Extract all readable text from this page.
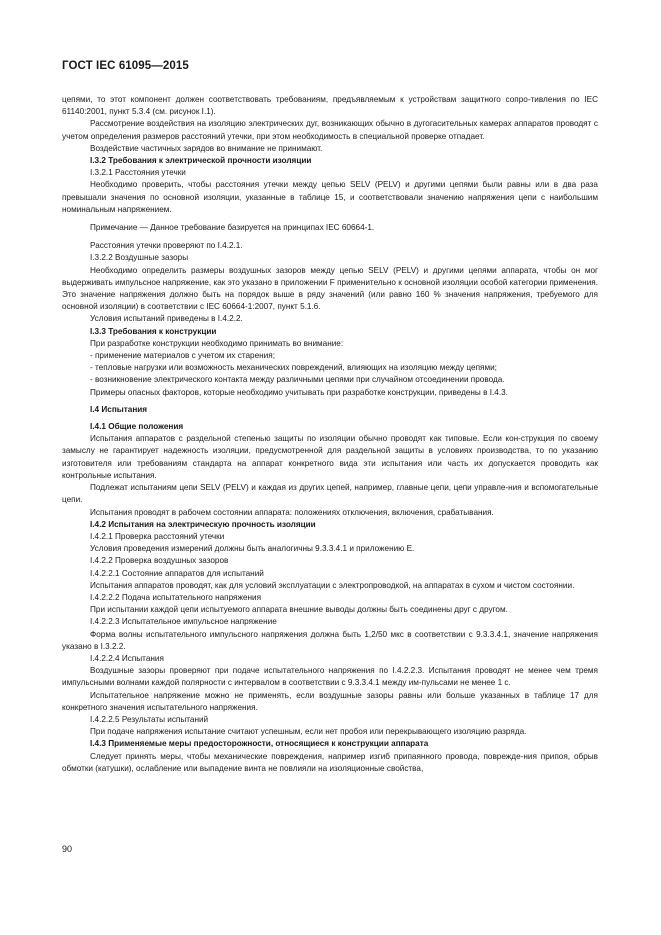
ГОСТ IEC 61095—2015

цепями, то этот компонент должен соответствовать требованиям, предъявляемым к устройствам защитного сопро-тивления по IEC 61140:2001, пункт 5.3.4 (см. рисунок I.1).

Рассмотрение воздействия на изоляцию электрических дуг, возникающих обычно в дугогасительных камерах аппаратов проводят с учетом определения размеров расстояний утечки, при этом необходимость в специальной проверке отпадает.

Воздействие частичных зарядов во внимание не принимают.

I.3.2 Требования к электрической прочности изоляции

I.3.2.1 Расстояния утечки

Необходимо проверить, чтобы расстояния утечки между цепью SELV (PELV) и другими цепями были равны или в два раза превышали значения по основной изоляции, указанные в таблице 15, и соответствовали значению напряжения цепи с наибольшим номинальным напряжением.

Примечание — Данное требование базируется на принципах IEC 60664-1.

Расстояния утечки проверяют по I.4.2.1.

I.3.2.2 Воздушные зазоры

Необходимо определить размеры воздушных зазоров между цепью SELV (PELV) и другими цепями аппарата, чтобы он мог выдерживать импульсное напряжение, как это указано в приложении F применительно к основной изоляции особой категории применения. Это значение напряжения должно быть на порядок выше в ряду значений (или равно 160 % значения напряжения, требуемого для основной изоляции) в соответствии с IEC 60664-1:2007, пункт 5.1.6.

Условия испытаний приведены в I.4.2.2.

I.3.3 Требования к конструкции

При разработке конструкции необходимо принимать во внимание:

- применение материалов с учетом их старения;

- тепловые нагрузки или возможность механических повреждений, влияющих на изоляцию между цепями;

- возникновение электрического контакта между различными цепями при случайном отсоединении провода.

Примеры опасных факторов, которые необходимо учитывать при разработке конструкции, приведены в I.4.3.

I.4 Испытания

I.4.1 Общие положения

Испытания аппаратов с раздельной степенью защиты по изоляции обычно проводят как типовые. Если кон-струкция по своему замыслу не гарантирует надежность изоляции, предусмотренной для раздельной защиты в условиях производства, то по указанию изготовителя или требованиям стандарта на аппарат конкретного вида эти испытания или часть их допускается проводить как контрольные испытания.

Подлежат испытаниям цепи SELV (PELV) и каждая из других цепей, например, главные цепи, цепи управле-ния и вспомогательные цепи.

Испытания проводят в рабочем состоянии аппарата: положениях отключения, включения, срабатывания.

I.4.2 Испытания на электрическую прочность изоляции

I.4.2.1 Проверка расстояний утечки

Условия проведения измерений должны быть аналогичны 9.3.3.4.1 и приложению Е.

I.4.2.2 Проверка воздушных зазоров

I.4.2.2.1 Состояние аппаратов для испытаний

Испытания аппаратов проводят, как для условий эксплуатации с электропроводкой, на аппаратах в сухом и чистом состоянии.

I.4.2.2.2 Подача испытательного напряжения

При испытании каждой цепи испытуемого аппарата внешние выводы должны быть соединены друг с другом.

I.4.2.2.3 Испытательное импульсное напряжение

Форма волны испытательного импульсного напряжения должна быть 1,2/50 мкс в соответствии с 9.3.3.4.1, значение напряжения указано в I.3.2.2.

I.4.2.2.4 Испытания

Воздушные зазоры проверяют при подаче испытательного напряжения по I.4.2.2.3. Испытания проводят не менее чем тремя импульсными волнами каждой полярности с интервалом в соответствии с 9.3.3.4.1 между им-пульсами не менее 1 с.

Испытательное напряжение можно не применять, если воздушные зазоры равны или больше указанных в таблице 17 для конкретного значения испытательного напряжения.

I.4.2.2.5 Результаты испытаний

При подаче напряжения испытание считают успешным, если нет пробоя или перекрывающего изоляцию разряда.

I.4.3 Применяемые меры предосторожности, относящиеся к конструкции аппарата

Следует принять меры, чтобы механические повреждения, например изгиб припаянного провода, поврежде-ния припоя, обрыв обмотки (катушки), ослабление или выпадение винта не повлияли на изоляционные свойства,

90
